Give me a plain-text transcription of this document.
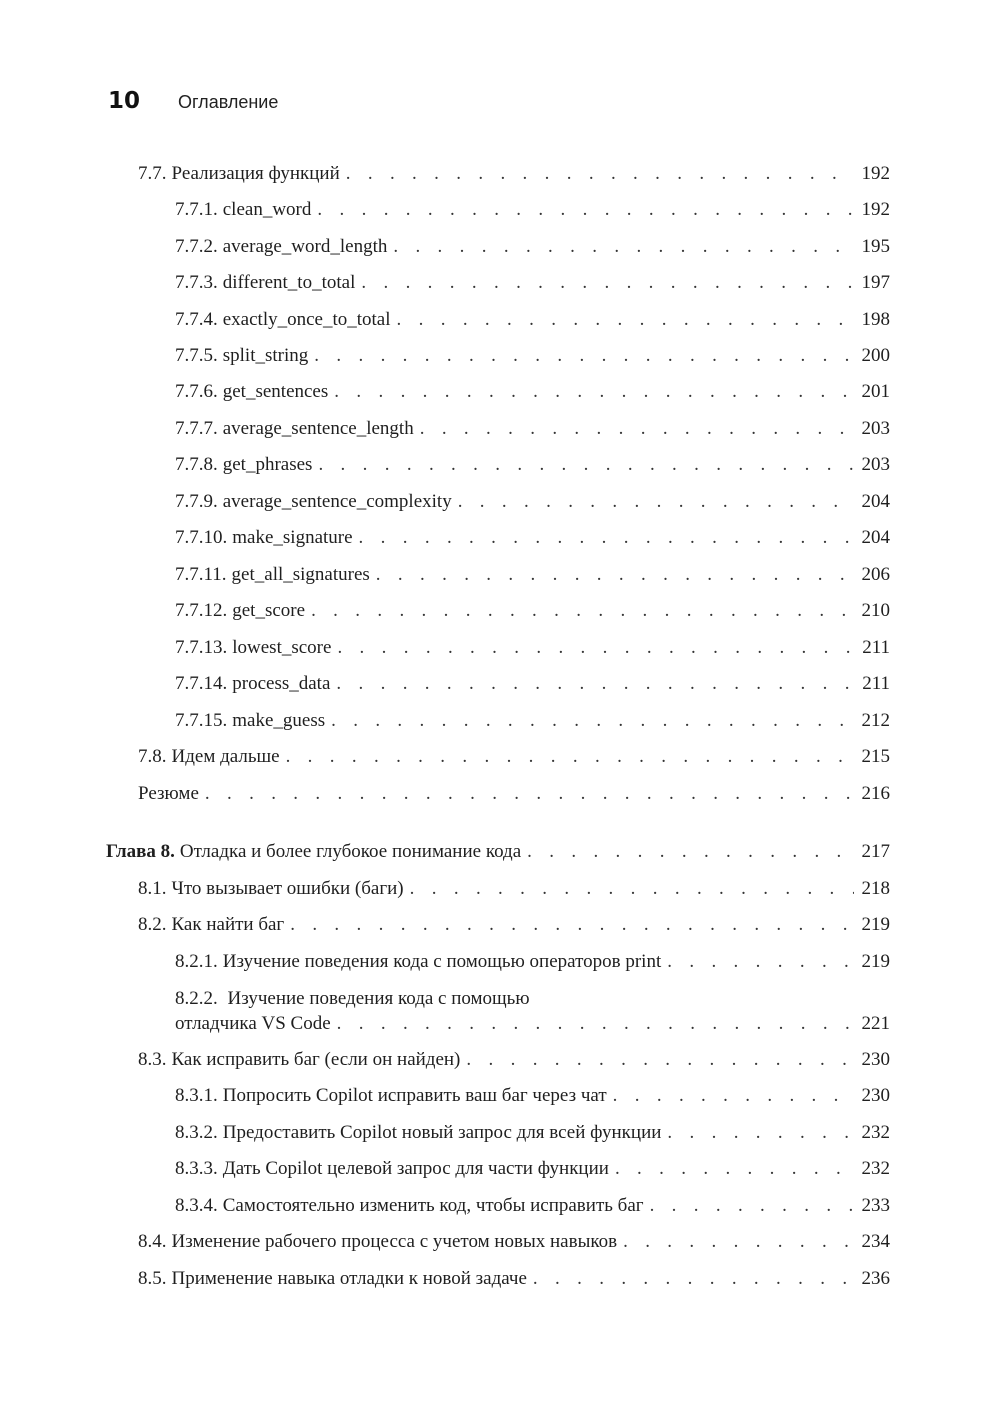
10 Оглавление
7.7. Реализация функций . . .	192
7.7.1. clean_word . . .	192
7.7.2. average_word_length . . .	195
7.7.3. different_to_total . . .	197
7.7.4. exactly_once_to_total . . .	198
7.7.5. split_string . . .	200
7.7.6. get_sentences . . .	201
7.7.7. average_sentence_length . . .	203
7.7.8. get_phrases . . .	203
7.7.9. average_sentence_complexity . . .	204
7.7.10. make_signature . . .	204
7.7.11. get_all_signatures . . .	206
7.7.12. get_score . . .	210
7.7.13. lowest_score . . .	211
7.7.14. process_data . . .	211
7.7.15. make_guess . . .	212
7.8. Идем дальше . . .	215
Резюме . . .	216
Глава 8. Отладка и более глубокое понимание кода . . .	217
8.1. Что вызывает ошибки (баги) . . .	218
8.2. Как найти баг . . .	219
8.2.1. Изучение поведения кода с помощью операторов print . . .	219
8.2.2. Изучение поведения кода с помощью
отладчика VS Code . . .	221
8.3. Как исправить баг (если он найден) . . .	230
8.3.1. Попросить Copilot исправить ваш баг через чат . . .	230
8.3.2. Предоставить Copilot новый запрос для всей функции . . .	232
8.3.3. Дать Copilot целевой запрос для части функции . . .	232
8.3.4. Самостоятельно изменить код, чтобы исправить баг . . .	233
8.4. Изменение рабочего процесса с учетом новых навыков . . .	234
8.5. Применение навыка отладки к новой задаче . . .	236
